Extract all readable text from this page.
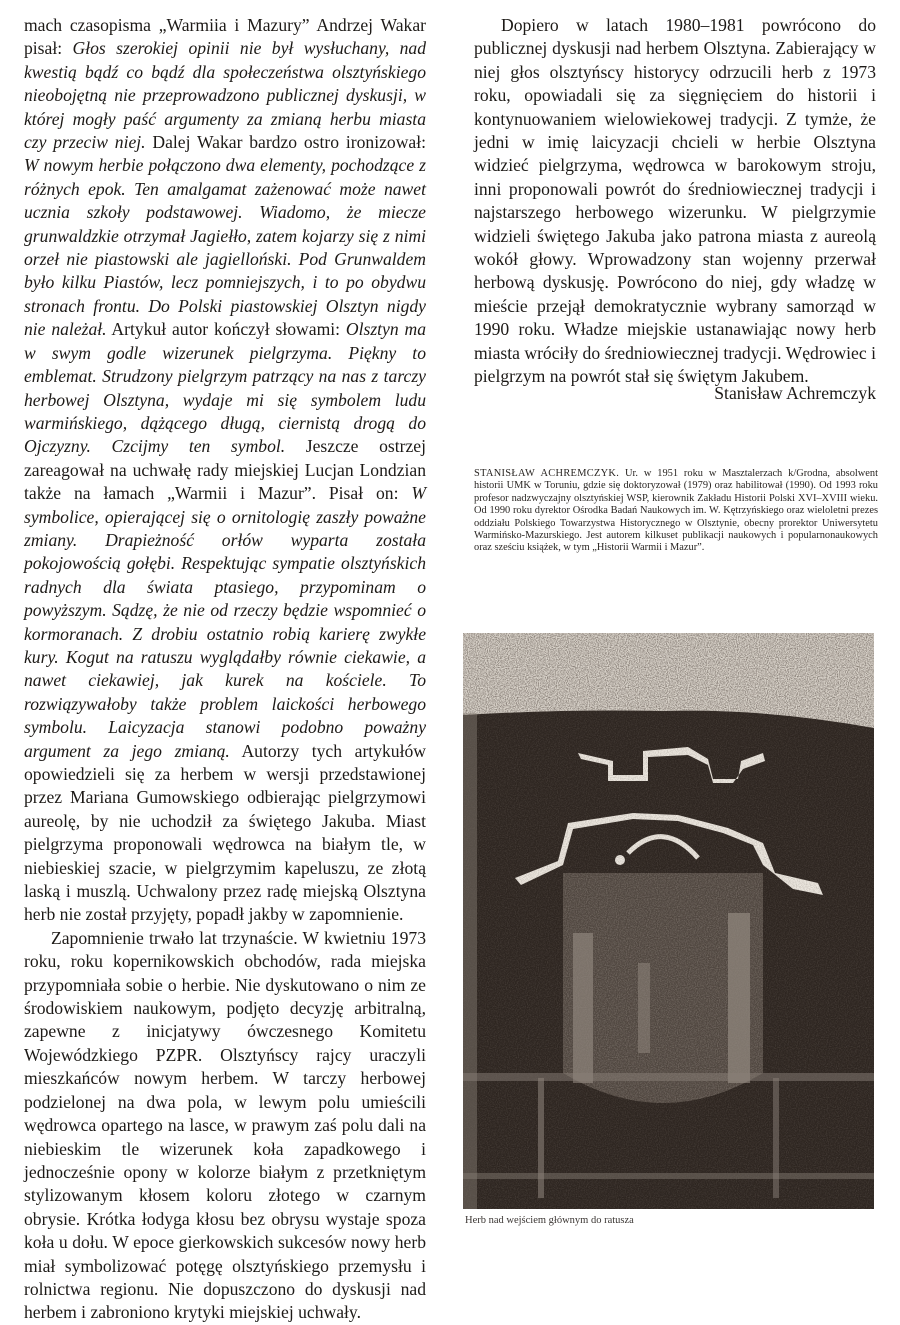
mach czasopisma „Warmiia i Mazury” Andrzej Wakar pisał: Głos szerokiej opinii nie był wysłuchany, nad kwestią bądź co bądź dla społeczeństwa olsztyńskiego nieobojętną nie przeprowadzono publicznej dyskusji, w której mogły paść argumenty za zmianą herbu miasta czy przeciw niej. Dalej Wakar bardzo ostro ironizował: W nowym herbie połączono dwa elementy, pochodzące z różnych epok. Ten amalgamat zażenować może nawet ucznia szkoły podstawowej. Wiadomo, że miecze grunwaldzkie otrzymał Jagiełło, zatem kojarzy się z nimi orzeł nie piastowski ale jagielloński. Pod Grunwaldem było kilku Piastów, lecz pomniejszych, i to po obydwu stronach frontu. Do Polski piastowskiej Olsztyn nigdy nie należał. Artykuł autor kończył słowami: Olsztyn ma w swym godle wizerunek pielgrzyma. Piękny to emblemat. Strudzony pielgrzym patrzący na nas z tarczy herbowej Olsztyna, wydaje mi się symbolem ludu warmińskiego, dążącego długą, ciernistą drogą do Ojczyzny. Czcijmy ten symbol. Jeszcze ostrzej zareagował na uchwałę rady miejskiej Lucjan Londzian także na łamach „Warmii i Mazur”. Pisał on: W symbolice, opierającej się o ornitologię zaszły poważne zmiany. Drapieżność orłów wyparta została pokojowością gołębi. Respektując sympatie olsztyńskich radnych dla świata ptasiego, przypominam o powyższym. Sądzę, że nie od rzeczy będzie wspomnieć o kormoranach. Z drobiu ostatnio robią karierę zwykłe kury. Kogut na ratuszu wyglądałby równie ciekawie, a nawet ciekawiej, jak kurek na kościele. To rozwiązywałoby także problem laickości herbowego symbolu. Laicyzacja stanowi podobno poważny argument za jego zmianą. Autorzy tych artykułów opowiedzieli się za herbem w wersji przedstawionej przez Mariana Gumowskiego odbierając pielgrzymowi aureolę, by nie uchodził za świętego Jakuba. Miast pielgrzyma proponowali wędrowca na białym tle, w niebieskiej szacie, w pielgrzymim kapeluszu, ze złotą laską i muszlą. Uchwalony przez radę miejską Olsztyna herb nie został przyjęty, popadł jakby w zapomnienie.

Zapomnienie trwało lat trzynaście. W kwietniu 1973 roku, roku kopernikowskich obchodów, rada miejska przypomniała sobie o herbie. Nie dyskutowano o nim ze środowiskiem naukowym, podjęto decyzję arbitralną, zapewne z inicjatywy ówczesnego Komitetu Wojewódzkiego PZPR. Olsztyńscy rajcy uraczyli mieszkańców nowym herbem. W tarczy herbowej podzielonej na dwa pola, w lewym polu umieścili wędrowca opartego na lasce, w prawym zaś polu dali na niebieskim tle wizerunek koła zapadkowego i jednocześnie opony w kolorze białym z przetkniętym stylizowanym kłosem koloru złotego w czarnym obrysie. Krótka łodyga kłosu bez obrysu wystaje spoza koła u dołu. W epoce gierkowskich sukcesów nowy herb miał symbolizować potęgę olsztyńskiego przemysłu i rolnictwa regionu. Nie dopuszczono do dyskusji nad herbem i zabroniono krytyki miejskiej uchwały.

Dopiero w latach 1980–1981 powrócono do publicznej dyskusji nad herbem Olsztyna. Zabierający w niej głos olsztyńscy historycy odrzucili herb z 1973 roku, opowiadali się za sięgnięciem do historii i kontynuowaniem wielowiekowej tradycji. Z tymże, że jedni w imię laicyzacji chcieli w herbie Olsztyna widzieć pielgrzyma, wędrowca w barokowym stroju, inni proponowali powrót do średniowiecznej tradycji i najstarszego herbowego wizerunku. W pielgrzymie widzieli świętego Jakuba jako patrona miasta z aureolą wokół głowy. Wprowadzony stan wojenny przerwał herbową dyskusję. Powrócono do niej, gdy władzę w mieście przejął demokratycznie wybrany samorząd w 1990 roku. Władze miejskie ustanawiając nowy herb miasta wróciły do średniowiecznej tradycji. Wędrowiec i pielgrzym na powrót stał się świętym Jakubem.

Stanisław Achremczyk
STANISŁAW ACHREMCZYK. Ur. w 1951 roku w Masztalerzach k/Grodna, absolwent historii UMK w Toruniu, gdzie się doktoryzował (1979) oraz habilitował (1990). Od 1993 roku profesor nadzwyczajny olsztyńskiej WSP, kierownik Zakładu Historii Polski XVI–XVIII wieku. Od 1990 roku dyrektor Ośrodka Badań Naukowych im. W. Kętrzyńskiego oraz wieloletni prezes oddziału Polskiego Towarzystwa Historycznego w Olsztynie, obecny prorektor Uniwersytetu Warmińsko-Mazurskiego. Jest autorem kilkuset publikacji naukowych i popularnonaukowych oraz sześciu książek, w tym „Historii Warmii i Mazur”.
Herb nad wejściem głównym do ratusza
